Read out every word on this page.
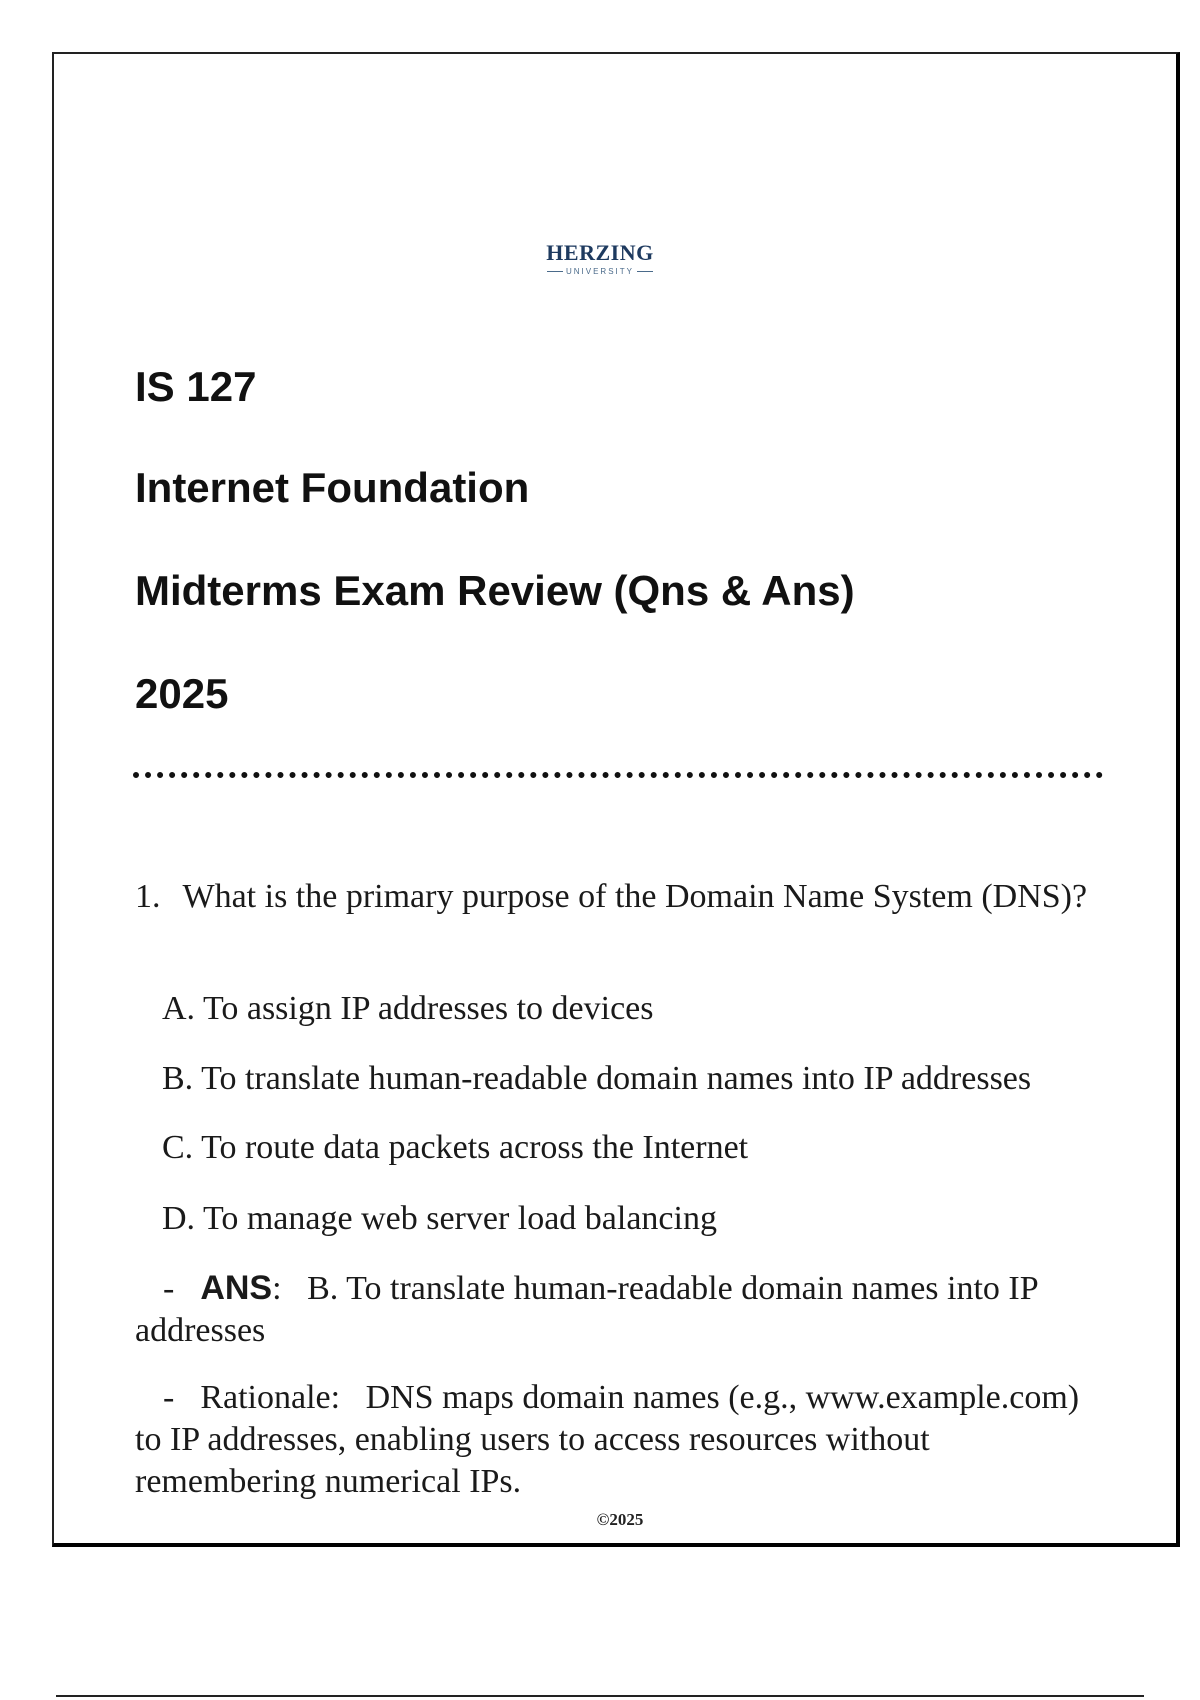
HERZING
UNIVERSITY
IS 127
Internet Foundation
Midterms Exam Review (Qns & Ans)
2025
1. What is the primary purpose of the Domain Name System (DNS)?
A. To assign IP addresses to devices
B. To translate human-readable domain names into IP addresses
C. To route data packets across the Internet
D. To manage web server load balancing
- ANS: B. To translate human-readable domain names into IP addresses
- Rationale: DNS maps domain names (e.g., www.example.com) to IP addresses, enabling users to access resources without remembering numerical IPs.
©2025
